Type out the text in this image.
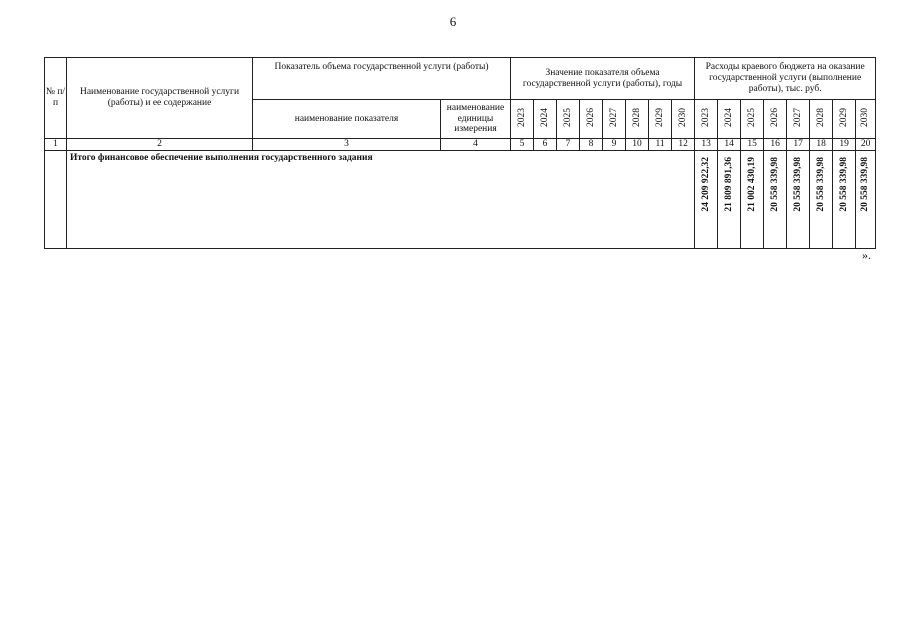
6
№ п/п	Наименование государственной услуги (работы) и ее содержание	Показатель объема государственной услуги (работы)		Значение показателя объема государственной услуги (работы), годы								Расходы краевого бюджета на оказание государственной услуги (выполнение работы), тыс. руб.							
		наименование показателя	наименование единицы измерения	2023	2024	2025	2026	2027	2028	2029	2030	2023	2024	2025	2026	2027	2028	2029	2030
1	2	3	4	5	6	7	8	9	10	11	12	13	14	15	16	17	18	19	20
	Итого финансовое обеспечение выполнения государственного задания											24 209 922,32	21 809 891,36	21 002 430,19	20 558 339,98	20 558 339,98	20 558 339,98	20 558 339,98	20 558 339,98
».
